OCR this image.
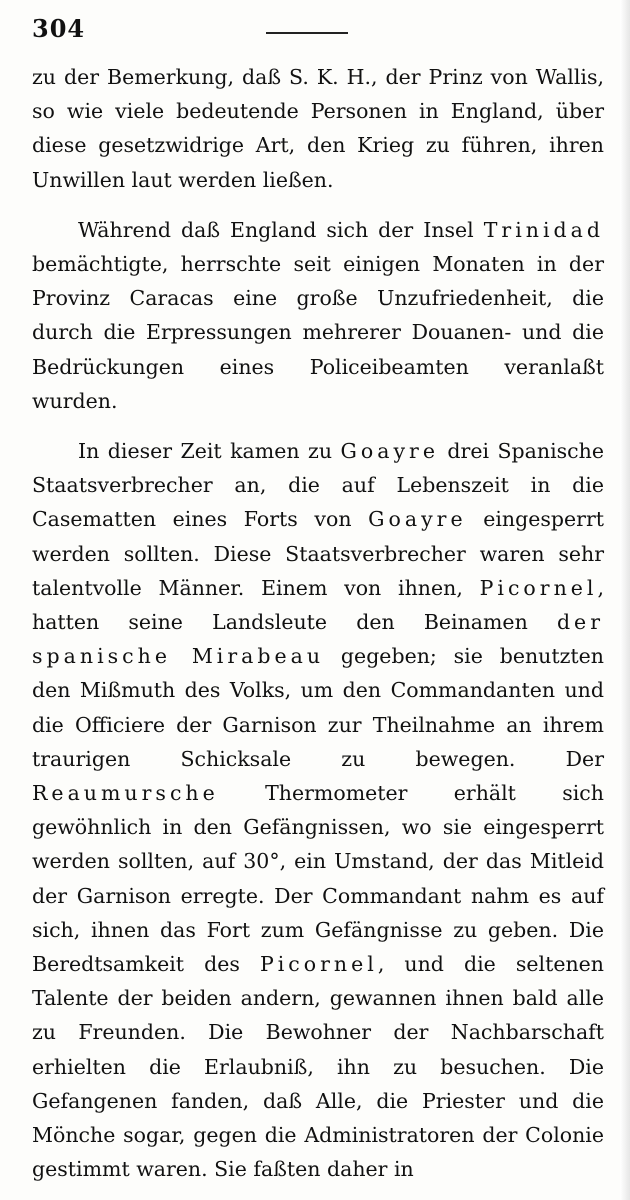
304

zu der Bemerkung, daß S. K. H., der Prinz von Wallis, so wie viele bedeutende Personen in England, über diese gesetzwidrige Art, den Krieg zu führen, ihren Unwillen laut werden ließen.

Während daß England sich der Insel Trinidad bemächtigte, herrschte seit einigen Monaten in der Provinz Caracas eine große Unzufriedenheit, die durch die Erpressungen mehrerer Douanen- und die Bedrückungen eines Policeibeamten veranlaßt wurden.

In dieser Zeit kamen zu Goayre drei Spanische Staatsverbrecher an, die auf Lebenszeit in die Casematten eines Forts von Goayre eingesperrt werden sollten. Diese Staatsverbrecher waren sehr talentvolle Männer. Einem von ihnen, Picornel, hatten seine Landsleute den Beinamen der spanische Mirabeau gegeben; sie benutzten den Mißmuth des Volks, um den Commandanten und die Officiere der Garnison zur Theilnahme an ihrem traurigen Schicksale zu bewegen. Der Reaumursche Thermometer erhält sich gewöhnlich in den Gefängnissen, wo sie eingesperrt werden sollten, auf 30°, ein Umstand, der das Mitleid der Garnison erregte. Der Commandant nahm es auf sich, ihnen das Fort zum Gefängnisse zu geben. Die Beredtsamkeit des Picornel, und die seltenen Talente der beiden andern, gewannen ihnen bald alle zu Freunden. Die Bewohner der Nachbarschaft erhielten die Erlaubniß, ihn zu besuchen. Die Gefangenen fanden, daß Alle, die Priester und die Mönche sogar, gegen die Administratoren der Colonie gestimmt waren. Sie faßten daher in
